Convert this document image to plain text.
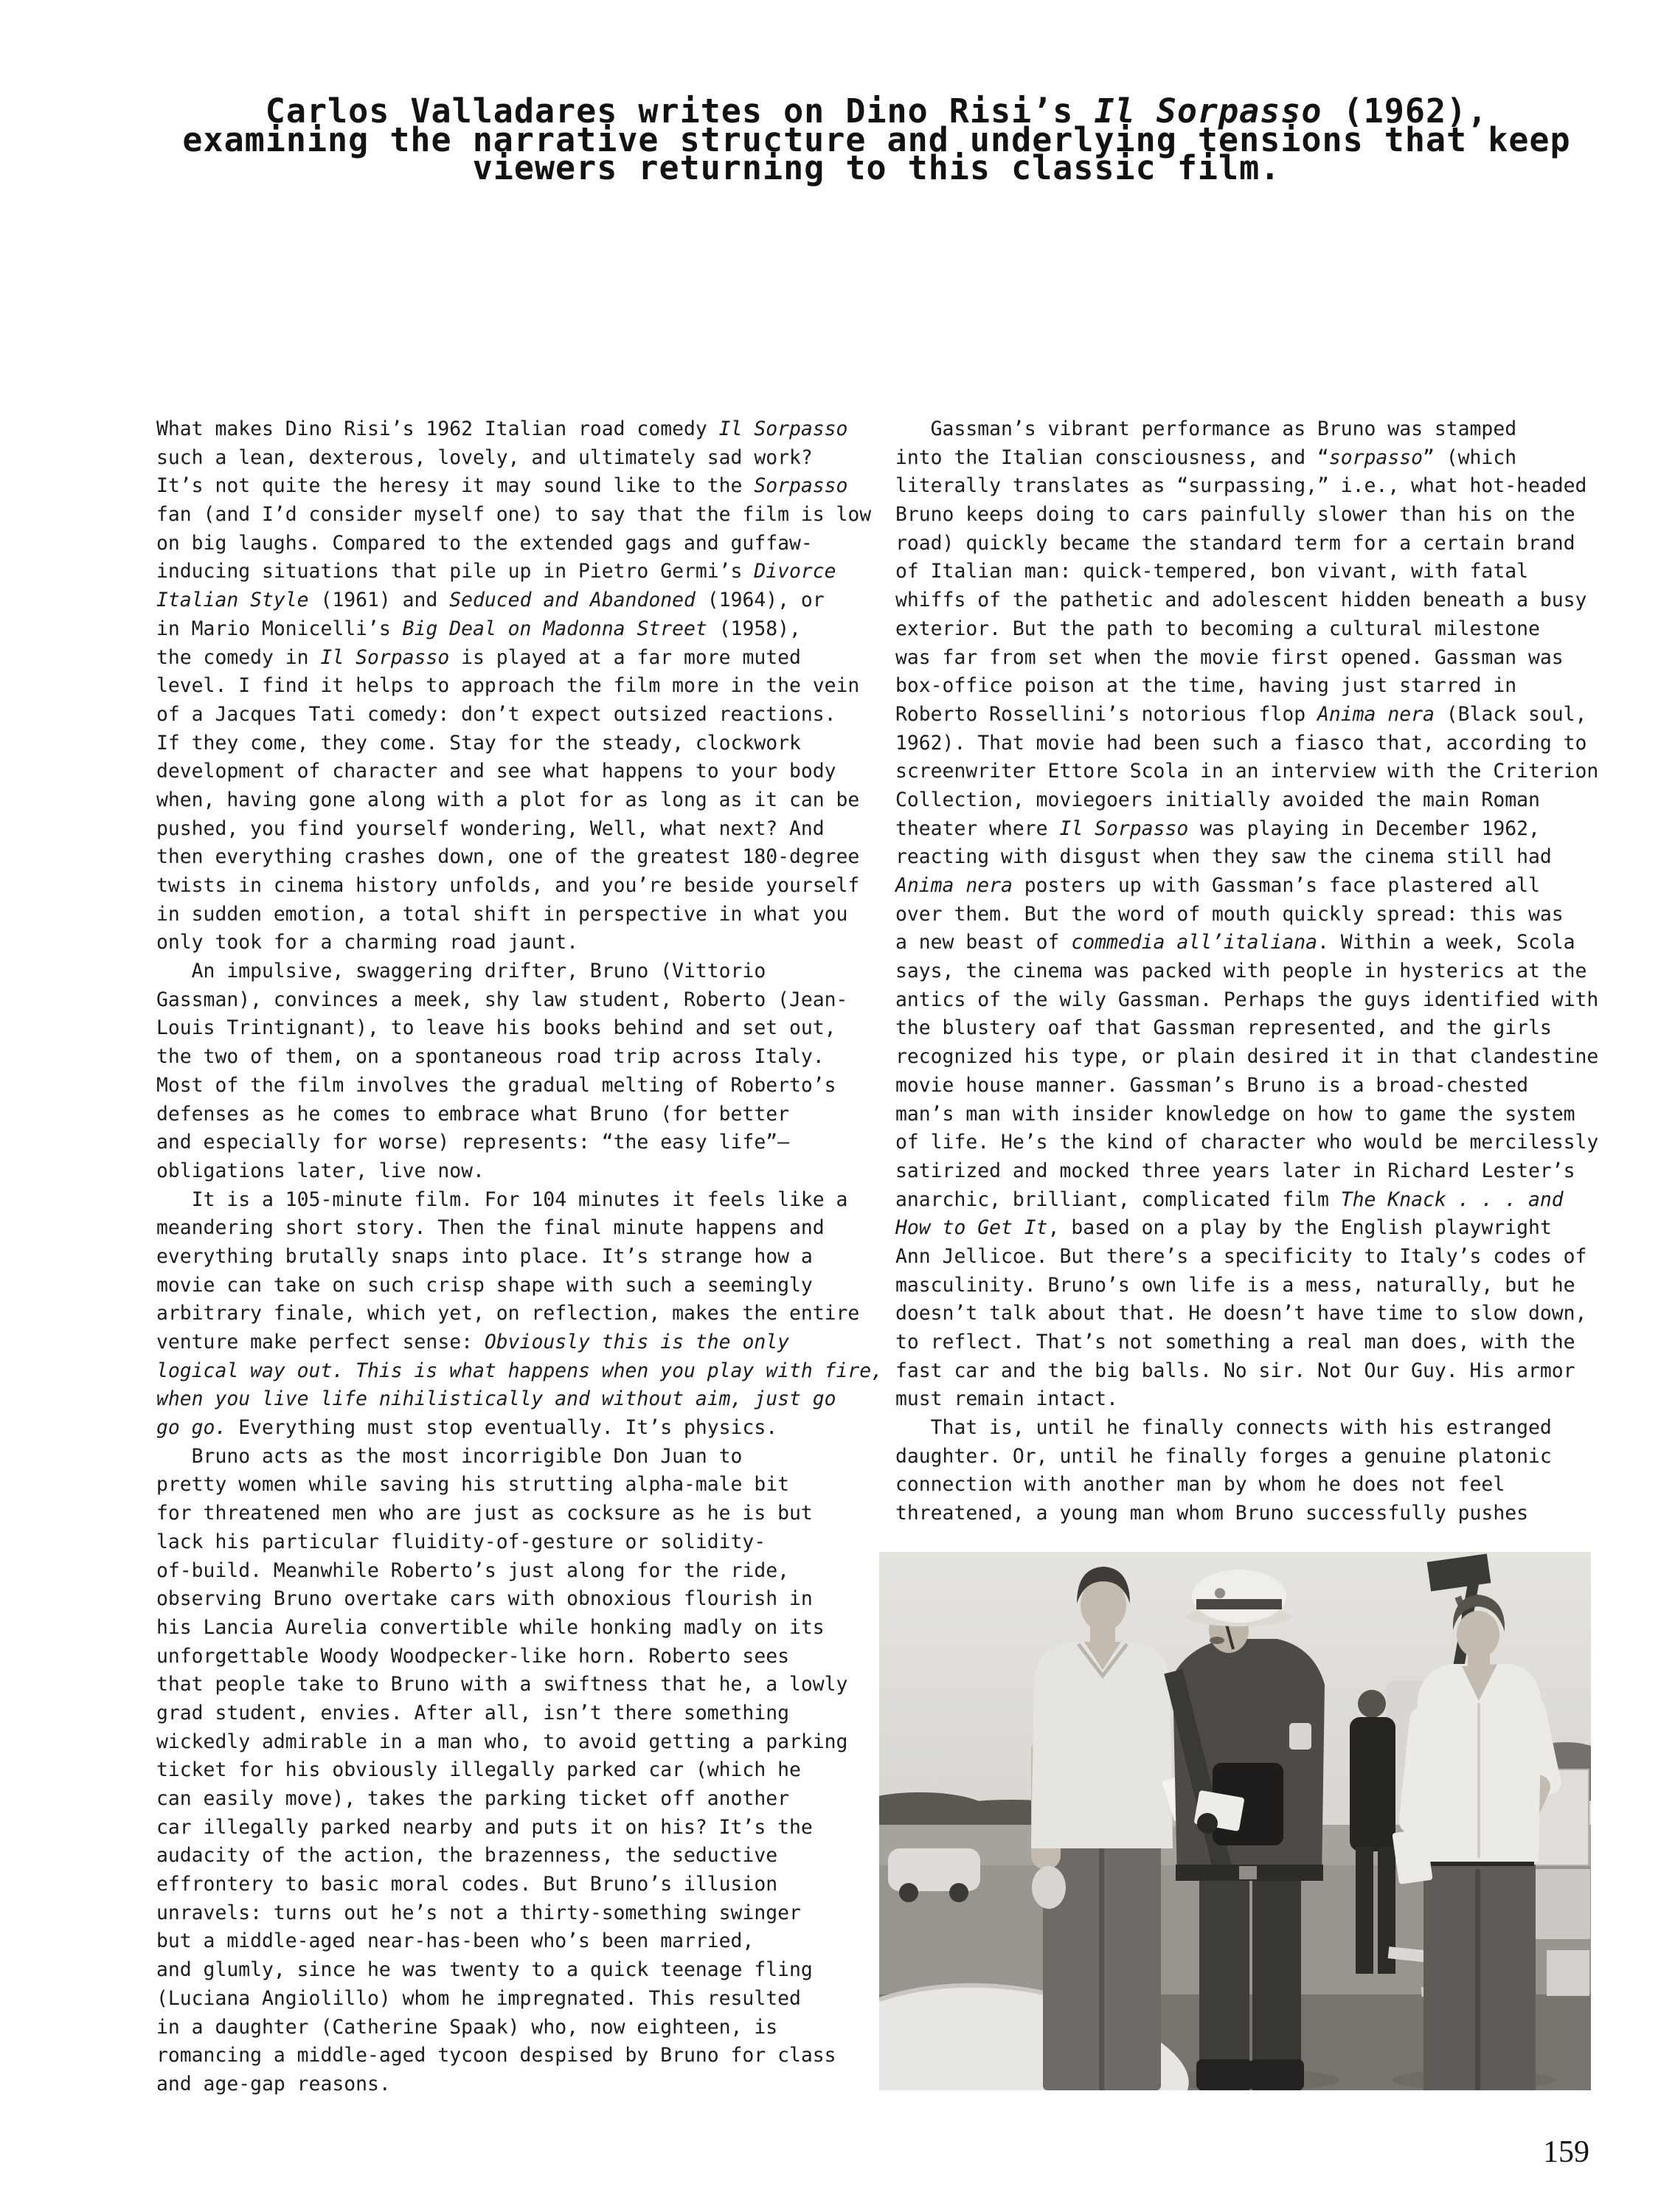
Carlos Valladares writes on Dino Risi’s Il Sorpasso (1962),
examining the narrative structure and underlying tensions that keep
viewers returning to this classic film.
What makes Dino Risi’s 1962 Italian road comedy Il Sorpasso
such a lean, dexterous, lovely, and ultimately sad work?
It’s not quite the heresy it may sound like to the Sorpasso
fan (and I’d consider myself one) to say that the film is low
on big laughs. Compared to the extended gags and guffaw-
inducing situations that pile up in Pietro Germi’s Divorce
Italian Style (1961) and Seduced and Abandoned (1964), or
in Mario Monicelli’s Big Deal on Madonna Street (1958),
the comedy in Il Sorpasso is played at a far more muted
level. I find it helps to approach the film more in the vein
of a Jacques Tati comedy: don’t expect outsized reactions.
If they come, they come. Stay for the steady, clockwork
development of character and see what happens to your body
when, having gone along with a plot for as long as it can be
pushed, you find yourself wondering, Well, what next? And
then everything crashes down, one of the greatest 180-degree
twists in cinema history unfolds, and you’re beside yourself
in sudden emotion, a total shift in perspective in what you
only took for a charming road jaunt.
An impulsive, swaggering drifter, Bruno (Vittorio
Gassman), convinces a meek, shy law student, Roberto (Jean-
Louis Trintignant), to leave his books behind and set out,
the two of them, on a spontaneous road trip across Italy.
Most of the film involves the gradual melting of Roberto’s
defenses as he comes to embrace what Bruno (for better
and especially for worse) represents: “the easy life”—
obligations later, live now.
It is a 105-minute film. For 104 minutes it feels like a
meandering short story. Then the final minute happens and
everything brutally snaps into place. It’s strange how a
movie can take on such crisp shape with such a seemingly
arbitrary finale, which yet, on reflection, makes the entire
venture make perfect sense: Obviously this is the only
logical way out. This is what happens when you play with fire,
when you live life nihilistically and without aim, just go
go go. Everything must stop eventually. It’s physics.
Bruno acts as the most incorrigible Don Juan to
pretty women while saving his strutting alpha-male bit
for threatened men who are just as cocksure as he is but
lack his particular fluidity-of-gesture or solidity-
of-build. Meanwhile Roberto’s just along for the ride,
observing Bruno overtake cars with obnoxious flourish in
his Lancia Aurelia convertible while honking madly on its
unforgettable Woody Woodpecker-like horn. Roberto sees
that people take to Bruno with a swiftness that he, a lowly
grad student, envies. After all, isn’t there something
wickedly admirable in a man who, to avoid getting a parking
ticket for his obviously illegally parked car (which he
can easily move), takes the parking ticket off another
car illegally parked nearby and puts it on his? It’s the
audacity of the action, the brazenness, the seductive
effrontery to basic moral codes. But Bruno’s illusion
unravels: turns out he’s not a thirty-something swinger
but a middle-aged near-has-been who’s been married,
and glumly, since he was twenty to a quick teenage fling
(Luciana Angiolillo) whom he impregnated. This resulted
in a daughter (Catherine Spaak) who, now eighteen, is
romancing a middle-aged tycoon despised by Bruno for class
and age-gap reasons.
Gassman’s vibrant performance as Bruno was stamped
into the Italian consciousness, and “sorpasso” (which
literally translates as “surpassing,” i.e., what hot-headed
Bruno keeps doing to cars painfully slower than his on the
road) quickly became the standard term for a certain brand
of Italian man: quick-tempered, bon vivant, with fatal
whiffs of the pathetic and adolescent hidden beneath a busy
exterior. But the path to becoming a cultural milestone
was far from set when the movie first opened. Gassman was
box-office poison at the time, having just starred in
Roberto Rossellini’s notorious flop Anima nera (Black soul,
1962). That movie had been such a fiasco that, according to
screenwriter Ettore Scola in an interview with the Criterion
Collection, moviegoers initially avoided the main Roman
theater where Il Sorpasso was playing in December 1962,
reacting with disgust when they saw the cinema still had
Anima nera posters up with Gassman’s face plastered all
over them. But the word of mouth quickly spread: this was
a new beast of commedia all’italiana. Within a week, Scola
says, the cinema was packed with people in hysterics at the
antics of the wily Gassman. Perhaps the guys identified with
the blustery oaf that Gassman represented, and the girls
recognized his type, or plain desired it in that clandestine
movie house manner. Gassman’s Bruno is a broad-chested
man’s man with insider knowledge on how to game the system
of life. He’s the kind of character who would be mercilessly
satirized and mocked three years later in Richard Lester’s
anarchic, brilliant, complicated film The Knack . . . and
How to Get It, based on a play by the English playwright
Ann Jellicoe. But there’s a specificity to Italy’s codes of
masculinity. Bruno’s own life is a mess, naturally, but he
doesn’t talk about that. He doesn’t have time to slow down,
to reflect. That’s not something a real man does, with the
fast car and the big balls. No sir. Not Our Guy. His armor
must remain intact.
That is, until he finally connects with his estranged
daughter. Or, until he finally forges a genuine platonic
connection with another man by whom he does not feel
threatened, a young man whom Bruno successfully pushes
159
